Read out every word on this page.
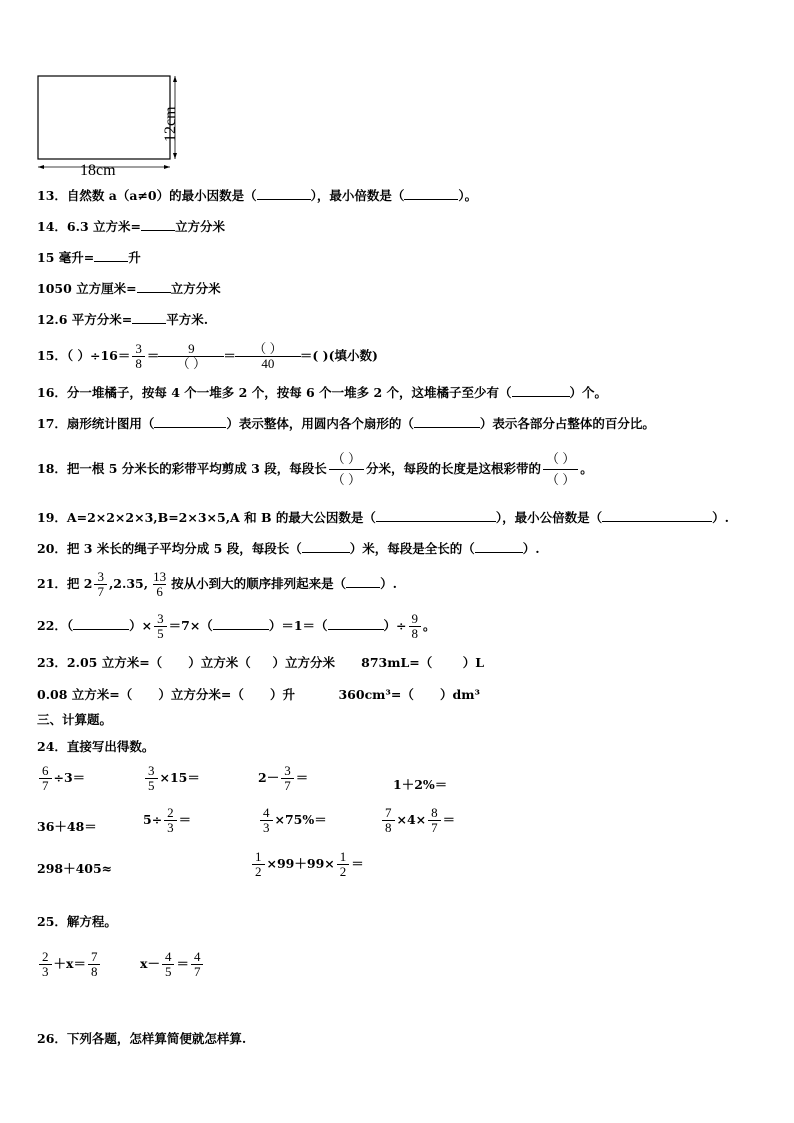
12cm
18cm
13．自然数 a（a≠0）的最小因数是（	），最小倍数是（	）。
14．6.3 立方米=	立方分米
15 毫升=	升
1050 立方厘米=	立方分米
12.6 平方分米=	平方米.
15．（ ）$\div 16= \frac{3}{8} = \frac{9}{( )} = \frac{( )}{40}$ ＝( )(填小数)
16．分一堆橘子，按每 4 个一堆多 2 个，按每 6 个一堆多 2 个，这堆橘子至少有（	）个。
17．扇形统计图用（	）表示整体，用圆内各个扇形的（	）表示各部分占整体的百分比。
18．把一根 5 分米长的彩带平均剪成 3 段，每段长 $\frac{( )}{( )}$ 分米，每段的长度是这根彩带的 $\frac{( )}{( )}$ 。
19．A=2×2×2×3,B=2×3×5,A 和 B 的最大公因数是（	），最小公倍数是（	）.
20．把 3 米长的绳子平均分成 5 段，每段长（	）米，每段是全长的（	）.
21．把 $2 \frac{3}{7} ,2.35$, $\frac{13}{6}$ 按从小到大的顺序排列起来是（	）.
22．（	）× $\frac{3}{5} =7\times$（	）＝1＝（	）÷ $\frac{9}{8}$ 。
23．2.05 立方米=（      ）立方米（     ）立方分米      873mL=（       ）L
0.08 立方米=（      ）立方分米=（      ）升          360cm³=（      ）dm³
三、计算题。
24．直接写出得数。
$\frac{6}{7} \div 3=$	$\frac{3}{5} \times 15=$	$2- \frac{3}{7}$ ＝	1＋2%＝
36＋48＝	$5\div \frac{2}{3}$ ＝	$\frac{4}{3} \times 75\%=$	$\frac{7}{8} \times 4\times \frac{8}{7}$ ＝
298＋405≈	$\frac{1}{2} \times 99+99\times \frac{1}{2}$ ＝
25．解方程。
$\frac{2}{3} +x= \frac{7}{8}$	$x- \frac{4}{5} = \frac{4}{7}$
26．下列各题，怎样算简便就怎样算.
